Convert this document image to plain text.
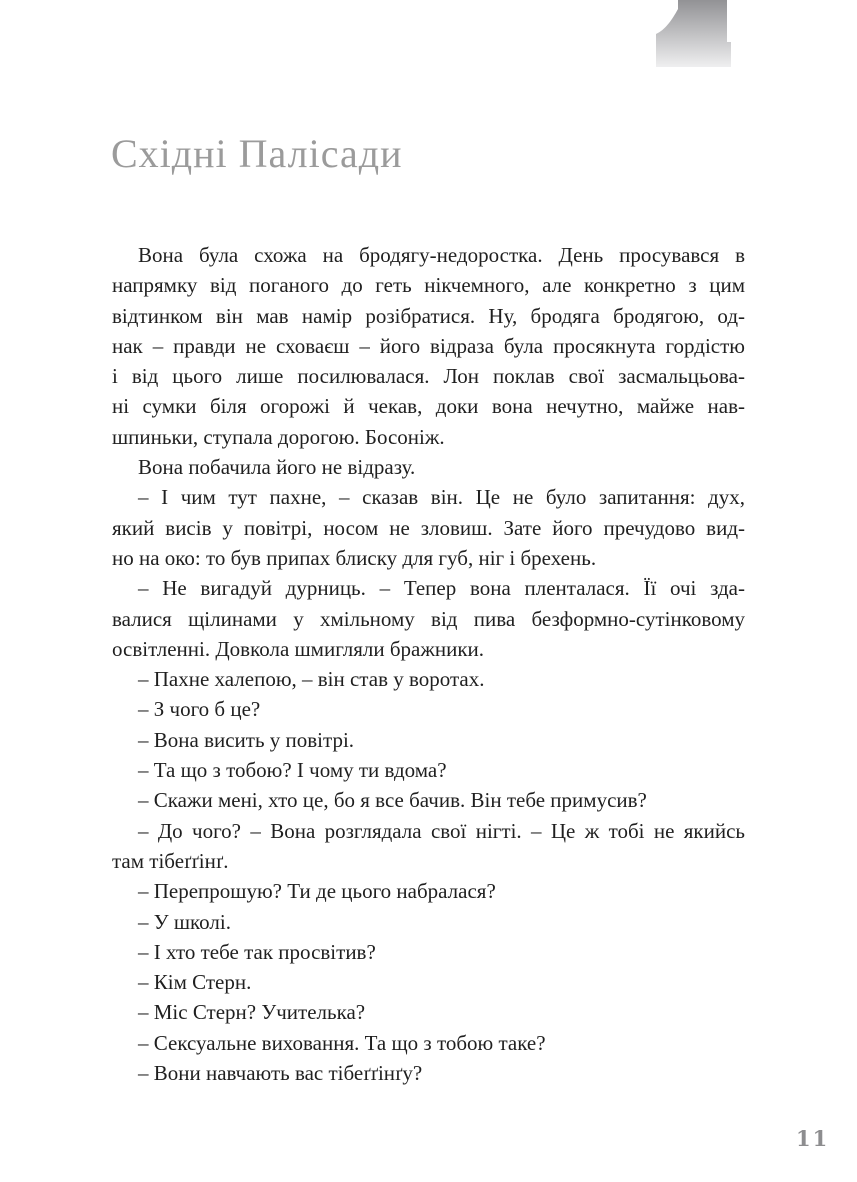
Східні Палісади
Вона була схожа на бродягу-недоростка. День просувався в
напрямку від поганого до геть нікчемного, але конкретно з цим
відтинком він мав намір розібратися. Ну, бродяга бродягою, од-
нак – правди не сховаєш – його відраза була просякнута гордістю
і від цього лише посилювалася. Лон поклав свої засмальцьова-
ні сумки біля огорожі й чекав, доки вона нечутно, майже нав-
шпиньки, ступала дорогою. Босоніж.
Вона побачила його не відразу.
– І чим тут пахне, – сказав він. Це не було запитання: дух,
який висів у повітрі, носом не зловиш. Зате його пречудово вид-
но на око: то був припах блиску для губ, ніг і брехень.
– Не вигадуй дурниць. – Тепер вона пленталася. Її очі зда-
валися щілинами у хмільному від пива безформно-сутінковому
освітленні. Довкола шмигляли бражники.
– Пахне халепою, – він став у воротах.
– З чого б це?
– Вона висить у повітрі.
– Та що з тобою? І чому ти вдома?
– Скажи мені, хто це, бо я все бачив. Він тебе примусив?
– До чого? – Вона розглядала свої нігті. – Це ж тобі не якийсь
там тібеґґінґ.
– Перепрошую? Ти де цього набралася?
– У школі.
– І хто тебе так просвітив?
– Кім Стерн.
– Міс Стерн? Учителька?
– Сексуальне виховання. Та що з тобою таке?
– Вони навчають вас тібеґґінґу?
11
